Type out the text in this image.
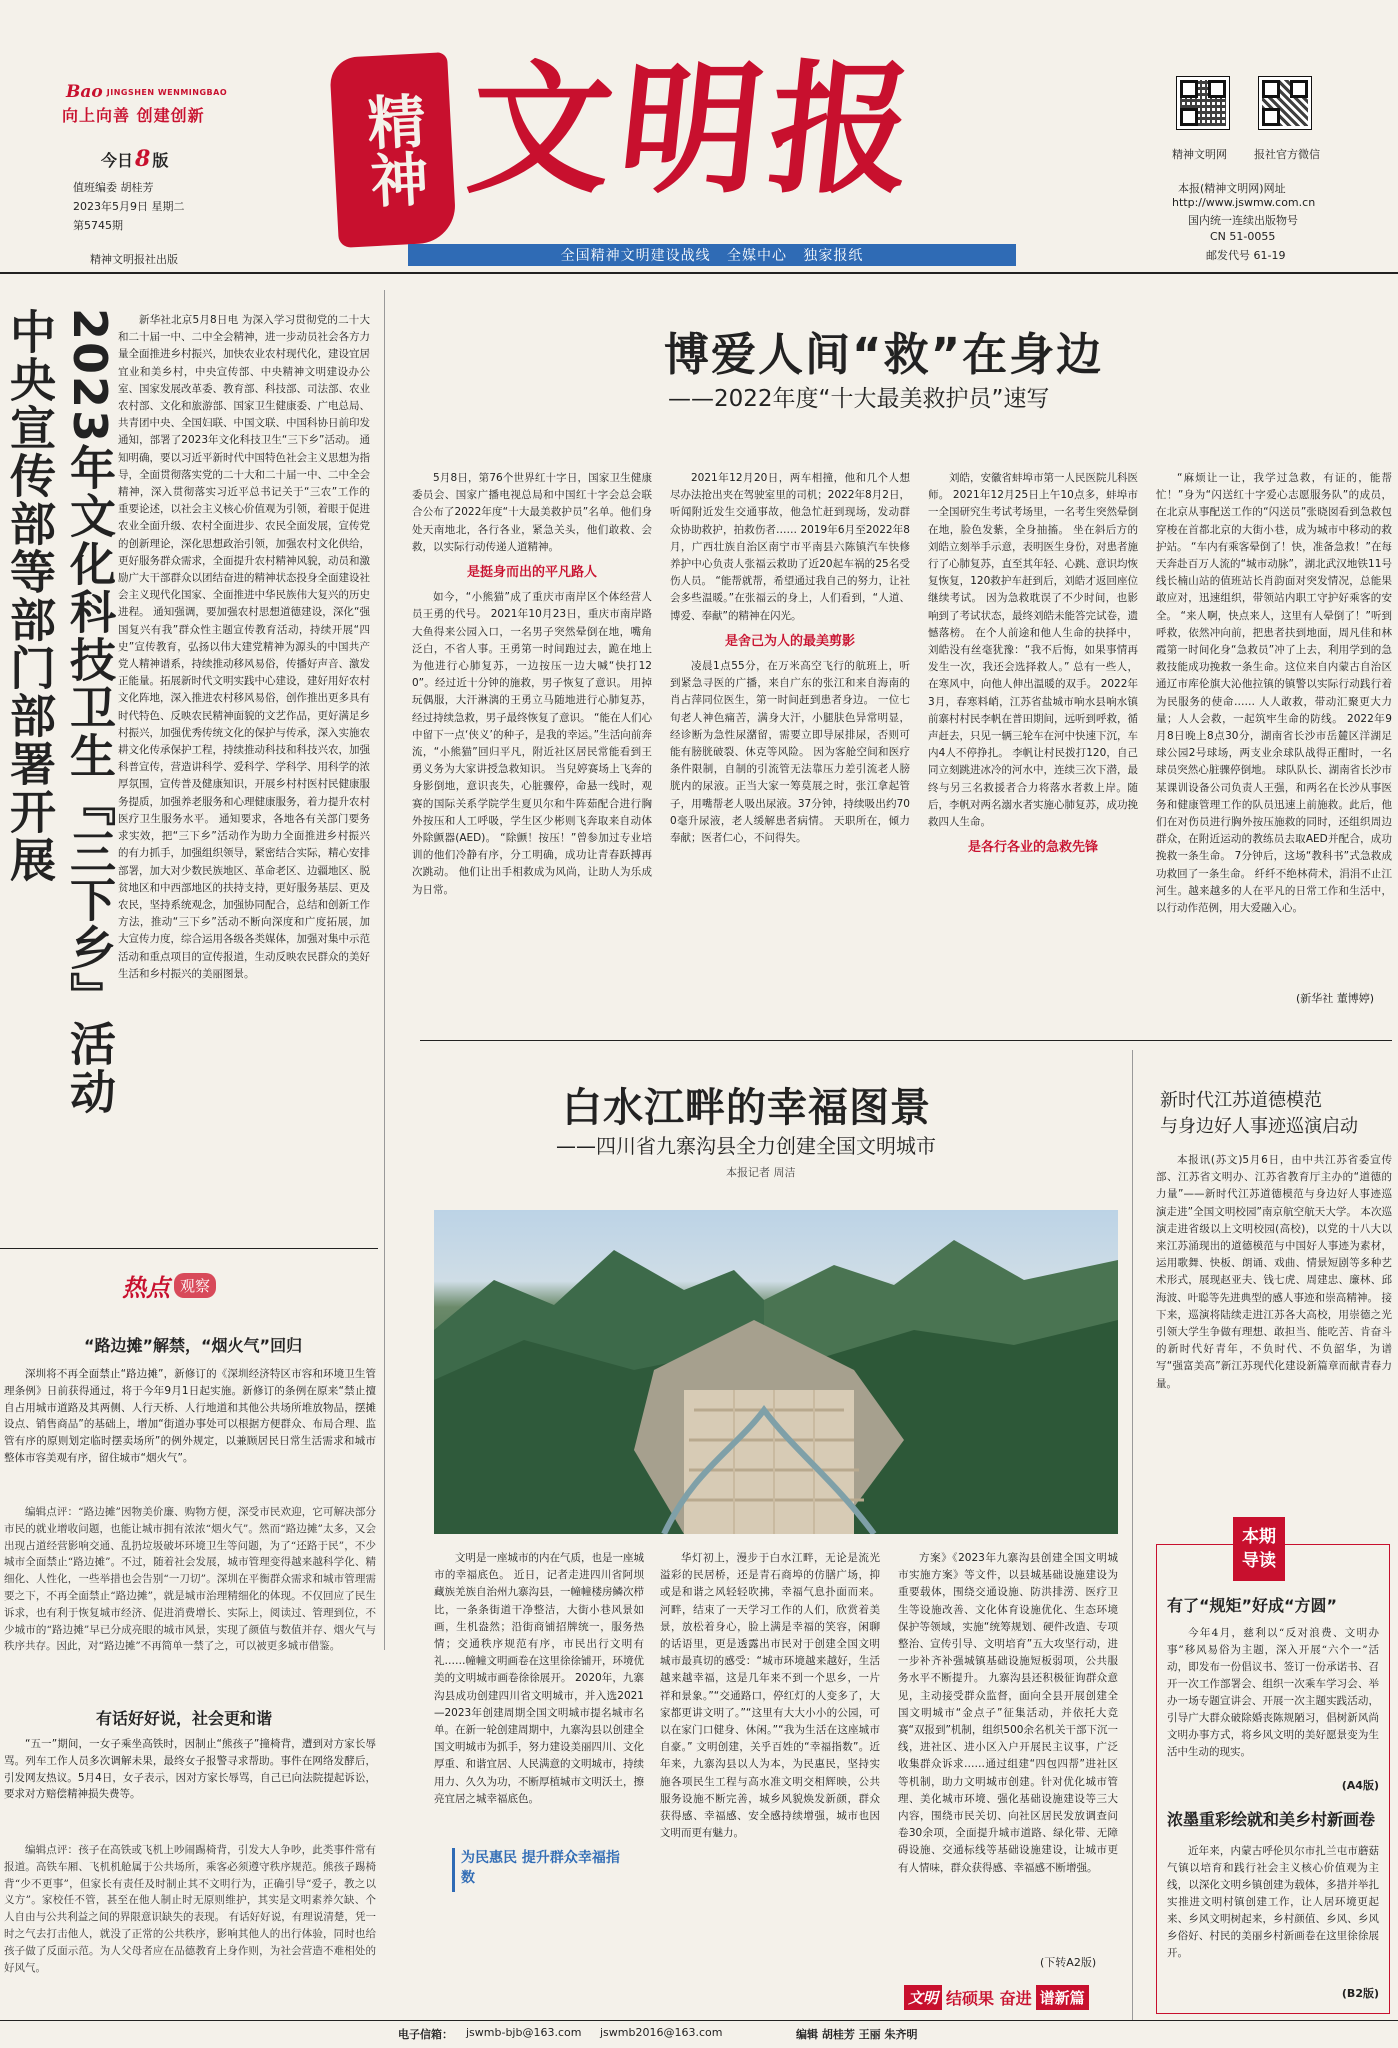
Bao JINGSHEN WENMINGBAO
向上向善 创建创新
今日8 版
值班编委 胡桂芳
2023年5月9日 星期二
第5745期
精神文明报社出版
精神 文明报
全国精神文明建设战线   全媒中心   独家报纸
精神文明网 报社官方微信
本报(精神文明网)网址
http://www.jswmw.com.cn
国内统一连续出版物号
CN 51-0055
邮发代号 61-19
2023年文化科技卫生『三下乡』活动
中央宣传部等部门部署开展	新华社北京5月8日电 为深入学习贯彻党的二十大和二十届一中、二中全会精神，进一步动员社会各方力量全面推进乡村振兴，加快农业农村现代化，建设宜居宜业和美乡村，中央宣传部、中央精神文明建设办公室、国家发展改革委、教育部、科技部、司法部、农业农村部、文化和旅游部、国家卫生健康委、广电总局、共青团中央、全国妇联、中国文联、中国科协日前印发通知，部署了2023年文化科技卫生“三下乡”活动。 通知明确，要以习近平新时代中国特色社会主义思想为指导，全面贯彻落实党的二十大和二十届一中、二中全会精神，深入贯彻落实习近平总书记关于“三农”工作的重要论述，以社会主义核心价值观为引领，着眼于促进农业全面升级、农村全面进步、农民全面发展，宣传党的创新理论，深化思想政治引领，加强农村文化供给，更好服务群众需求，全面提升农村精神风貌，动员和激励广大干部群众以团结奋进的精神状态投身全面建设社会主义现代化国家、全面推进中华民族伟大复兴的历史进程。 通知强调，要加强农村思想道德建设，深化“强国复兴有我”群众性主题宣传教育活动，持续开展“四史”宣传教育，弘扬以伟大建党精神为源头的中国共产党人精神谱系，持续推动移风易俗，传播好声音、激发正能量。拓展新时代文明实践中心建设，建好用好农村文化阵地，深入推进农村移风易俗，创作推出更多具有时代特色、反映农民精神面貌的文艺作品，更好满足乡村振兴，加强优秀传统文化的保护与传承，深入实施农耕文化传承保护工程，持续推动科技和科技兴农，加强科普宣传，营造讲科学、爱科学、学科学、用科学的浓厚氛围，宣传普及健康知识，开展乡村村医村民健康服务提质，加强养老服务和心理健康服务，着力提升农村医疗卫生服务水平。 通知要求，各地各有关部门要务求实效，把“三下乡”活动作为助力全面推进乡村振兴的有力抓手，加强组织领导，紧密结合实际，精心安排部署，加大对少数民族地区、革命老区、边疆地区、脱贫地区和中西部地区的扶持支持，更好服务基层、更及农民，坚持系统观念，加强协同配合，总结和创新工作方法，推动“三下乡”活动不断向深度和广度拓展，加大宣传力度，综合运用各级各类媒体，加强对集中示范活动和重点项目的宣传报道，生动反映农民群众的美好生活和乡村振兴的美丽图景。
热点 观察
“路边摊”解禁，“烟火气”回归
深圳将不再全面禁止“路边摊”，新修订的《深圳经济特区市容和环境卫生管理条例》日前获得通过，将于今年9月1日起实施。新修订的条例在原来“禁止擅自占用城市道路及其两侧、人行天桥、人行地道和其他公共场所堆放物品，摆摊设点、销售商品”的基础上，增加“街道办事处可以根据方便群众、布局合理、监管有序的原则划定临时摆卖场所”的例外规定，以兼顾居民日常生活需求和城市整体市容美观有序，留住城市“烟火气”。
编辑点评：“路边摊”因物美价廉、购物方便，深受市民欢迎，它可解决部分市民的就业增收问题，也能让城市拥有浓浓“烟火气”。然而“路边摊”太多，又会出现占道经营影响交通、乱扔垃圾破坏环境卫生等问题，为了“还路于民”，不少城市全面禁止“路边摊”。不过，随着社会发展，城市管理变得越来越科学化、精细化、人性化，一些举措也会告别“一刀切”。深圳在平衡群众需求和城市管理需要之下，不再全面禁止“路边摊”，就是城市治理精细化的体现。不仅回应了民生诉求，也有利于恢复城市经济、促进消费增长、实际上，阅读过、管理到位，不少城市的“路边摊”早已分成亮眼的城市风景，实现了颜值与数值并存、烟火气与秩序共存。因此，对“路边摊”不再简单一禁了之，可以被更多城市借鉴。
有话好好说，社会更和谐
“五一”期间，一女子乘坐高铁时，因制止“熊孩子”撞椅背，遭到对方家长辱骂。列车工作人员多次调解未果，最终女子报警寻求帮助。事件在网络发酵后，引发网友热议。5月4日，女子表示，因对方家长辱骂，自己已向法院提起诉讼，要求对方赔偿精神损失费等。
编辑点评：孩子在高铁或飞机上吵闹踢椅背，引发大人争吵，此类事件常有报道。高铁车厢、飞机机舱属于公共场所，乘客必须遵守秩序规范。熊孩子踢椅背“少不更事”，但家长有责任及时制止其不文明行为，正确引导“爱子，教之以义方”。家校任不管，甚至在他人制止时无原则维护，其实是文明素养欠缺、个人自由与公共利益之间的界限意识缺失的表现。 有话好好说，有理说清楚，凭一时之气去打击他人，就没了正常的公共秩序，影响其他人的出行体验，同时也给孩子做了反面示范。为人父母者应在品德教育上身作则，为社会营造不难相处的好风气。
博爱人间“救”在身边
——2022年度“十大最美救护员”速写

5月8日，第76个世界红十字日，国家卫生健康委员会、国家广播电视总局和中国红十字会总会联合公布了2022年度“十大最美救护员”名单。他们身处天南地北，各行各业，紧急关头，他们敢救、会救，以实际行动传递人道精神。

是挺身而出的平凡路人

如今，“小熊猫”成了重庆市南岸区个体经营人员王勇的代号。 2021年10月23日，重庆市南岸路大鱼得来公园入口，一名男子突然晕倒在地，嘴角泛白，不省人事。王勇第一时间跑过去，跪在地上为他进行心肺复苏，一边按压一边大喊“快打120”。经过近十分钟的施救，男子恢复了意识。 用掉玩偶服，大汗淋漓的王勇立马随地进行心肺复苏，经过持续急救，男子最终恢复了意识。 “能在人们心中留下一点‘侠义’的种子，是我的幸运。”生活向前奔流，“小熊猫”回归平凡，附近社区居民常能看到王勇义务为大家讲授急救知识。 当兒婷赛场上飞奔的身影倒地，意识丧失，心脏骤停，命悬一线时，观赛的国际关系学院学生夏贝尔和牛阵茹配合进行胸外按压和人工呼吸，学生区少彬则飞奔取来自动体外除颤器(AED)。 “除颤！按压！”曾参加过专业培训的他们冷静有序，分工明确，成功让青春跃搏再次跳动。 他们让出手相救成为风尚，让助人为乐成为日常。

2021年12月20日，两车相撞，他和几个人想尽办法抢出夹在驾驶室里的司机；2022年8月2日，听闻附近发生交通事故，他急忙赶到现场，发动群众协助救护，拍救伤者…… 2019年6月至2022年8月，广西壮族自治区南宁市平南县六陈镇汽车快修养护中心负责人张福云救助了近20起车祸的25名受伤人员。 “能帮就帮，希望通过我自己的努力，让社会多些温暖。”在张福云的身上，人们看到，“人道、博爱、奉献”的精神在闪光。

是舍己为人的最美剪影

凌晨1点55分，在万米高空飞行的航班上，听到紧急寻医的广播，来自广东的张江和来自海南的肖占萍同位医生，第一时间赶到患者身边。 一位七旬老人神色痛苦，满身大汗，小腿肤色异常明显，经诊断为急性尿潴留，需要立即导尿排尿，否则可能有膀胱破裂、休克等风险。 因为客舱空间和医疗条件限制，自制的引流管无法靠压力差引流老人膀胱内的尿液。正当大家一筹莫展之时，张江拿起管子，用嘴帮老人吸出尿液。37分钟，持续吸出约700毫升尿液，老人缓解患者病情。 天职所在，倾力奉献；医者仁心，不问得失。

刘皓，安徽省蚌埠市第一人民医院儿科医师。 2021年12月25日上午10点多，蚌埠市一全国研究生考试考场里，一名考生突然晕倒在地，脸色发紫，全身抽搐。 坐在斜后方的刘皓立刻举手示意，表明医生身份，对患者施行了心肺复苏，直至其年轻、心跳、意识均恢复恢复，120救护车赶到后，刘皓才返回座位继续考试。 因为急救耽误了不少时间，也影响到了考试状态，最终刘皓未能答完试卷，遗憾落榜。 在个人前途和他人生命的抉择中，刘皓没有丝毫犹豫：“我不后悔，如果事情再发生一次，我还会选择救人。” 总有一些人，在寒风中，向他人伸出温暖的双手。 2022年3月，春寒料峭，江苏省盐城市响水县响水镇前寨村村民李帆在普田期间，远听到呼救，循声赶去，只见一辆三轮车在河中快速下沉，车内4人不停挣扎。 李帆让村民拨打120，自己同立刻跳进冰冷的河水中，连续三次下潜，最终与另三名救援者合力将落水者救上岸。随后，李帆对两名溺水者实施心肺复苏，成功挽救四人生命。

是各行各业的急救先锋

“麻烦让一让，我学过急救，有证的，能帮忙！”身为“闪送红十字爱心志愿服务队”的成员，在北京从事配送工作的“闪送员”张晓囡看到急救包穿梭在首都北京的大街小巷，成为城市中移动的救护站。 “车内有乘客晕倒了！快，准备急救！”在每天奔赴百万人流的“城市动脉”，湖北武汉地铁11号线长楠山站的值班站长肖韵面对突发情况，总能果敢应对，迅速组织，带领站内职工守护好乘客的安全。 “来人啊，快点来人，这里有人晕倒了！”听到呼救，依然冲向前，把患者扶到地面，周凡佳和林霞第一时间化身“急救员”冲了上去，利用学到的急救技能成功挽救一条生命。这位来自内蒙古自治区通辽市库伦旗大沁他拉镇的镇警以实际行动践行着为民服务的使命…… 人人敢救，带动汇聚更大力量；人人会救，一起筑牢生命的防线。 2022年9月8日晚上8点30分，湖南省长沙市岳麓区洋湖足球公园2号球场，两支业余球队战得正酣时，一名球员突然心脏骤停倒地。 球队队长、湖南省长沙市某课训设备公司负责人王强，和两名在长沙从事医务和健康管理工作的队员迅速上前施救。此后，他们在对伤员进行胸外按压施救的同时，还组织周边群众，在附近运动的教练员去取AED并配合，成功挽救一条生命。 7分钟后，这场“教科书”式急救成功救回了一条生命。 纤纤不绝林荷术，涓涓不止江河生。越来越多的人在平凡的日常工作和生活中，以行动作范例，用大爱融入心。

(新华社 董博婷)
白水江畔的幸福图景
——四川省九寨沟县全力创建全国文明城市
本报记者 周洁

文明是一座城市的内在气质，也是一座城市的幸福底色。 近日，记者走进四川省阿坝藏族羌族自治州九寨沟县，一幢幢楼房鳞次栉比，一条条街道干净整洁，大街小巷风景如画，生机盎然；沿街商铺招牌统一，服务热情；交通秩序规范有序，市民出行文明有礼……幢幢文明画卷在这里徐徐铺开，环境优美的文明城市画卷徐徐展开。 2020年，九寨沟县成功创建四川省文明城市，并入选2021—2023年创建周期全国文明城市提名城市名单。在新一轮创建周期中，九寨沟县以创建全国文明城市为抓手，努力建设美丽四川、文化厚重、和谐宜居、人民满意的文明城市，持续用力、久久为功，不断厚植城市文明沃土，擦亮宜居之城幸福底色。

为民惠民 提升群众幸福指数

华灯初上，漫步于白水江畔，无论是流光溢彩的民居桥，还是青石商埠的仿膳广场，抑或是和谐之风轻轻吹拂，幸福气息扑面而来。 河畔，结束了一天学习工作的人们，欣赏着美景，放松着身心，脸上满是幸福的笑容，闲聊的话语里，更是透露出市民对于创建全国文明城市最真切的感受：“城市环境越来越好，生活越来越幸福，这是几年来不到一个思乡，一片祥和景象。”“交通路口，停红灯的人变多了，大家都更讲文明了。”“这里有大大小小的公园，可以在家门口健身、休闲。”“我为生活在这座城市自豪。” 文明创建，关乎百姓的“幸福指数”。近年来，九寨沟县以人为本，为民惠民，坚持实施各项民生工程与高水准文明交相辉映，公共服务设施不断完善，城乡风貌焕发新颜，群众获得感、幸福感、安全感持续增强，城市也因文明而更有魅力。

方案》《2023年九寨沟县创建全国文明城市实施方案》等文件，以县城基础设施建设为重要载体，围绕交通设施、防洪排涝、医疗卫生等设施改善、文化体育设施优化、生态环境保护等领域，实施“统筹规划、硬件改造、专项整治、宣传引导、文明培育”五大攻坚行动，进一步补齐补强城镇基础设施短板弱项，公共服务水平不断提升。 九寨沟县还积极征询群众意见，主动接受群众监督，面向全县开展创建全国文明城市“金点子”征集活动，并依托大竞赛“双报到”机制，组织500余名机关干部下沉一线，进社区、进小区入户开展民主议事，广泛收集群众诉求……通过组建“四包四帮”进社区等机制，助力文明城市创建。针对优化城市管理、美化城市环境、强化基础设施建设等三大内容，围绕市民关切、向社区居民发放调查问卷30余项，全面提升城市道路、绿化带、无障碍设施、交通标线等基础设施建设，让城市更有人情味，群众获得感、幸福感不断增强。

(下转A2版)
文明 结硕果 奋进 谱新篇
新时代江苏道德模范
与身边好人事迹巡演启动
本报讯(苏文)5月6日，由中共江苏省委宣传部、江苏省文明办、江苏省教育厅主办的“道德的力量”——新时代江苏道德模范与身边好人事迹巡演走进”全国文明校园”南京航空航天大学。 本次巡演走进省级以上文明校园(高校)，以党的十八大以来江苏涌现出的道德模范与中国好人事迹为素材，运用歌舞、快板、朗诵、戏曲、情景短剧等多种艺术形式，展现赵亚夫、钱七虎、周建忠、廉林、邱海波、叶聪等先进典型的感人事迹和崇高精神。 接下来，巡演将陆续走进江苏各大高校，用崇德之光引领大学生争做有理想、敢担当、能吃苦、肯奋斗的新时代好青年，不负时代、不负韶华，为谱写“强富美高”新江苏现代化建设新篇章而献青春力量。
本期
导读
有了“规矩”好成“方圆”
今年4月，慈利以“反对浪费、文明办事”移风易俗为主题，深入开展“六个一”活动，即发布一份倡议书、签订一份承诺书、召开一次工作部署会、组织一次乘车学习会、举办一场专题宣讲会、开展一次主题实践活动，引导广大群众破除婚丧陈规陋习，倡树新风尚文明办事方式，将乡风文明的美好愿景变为生活中生动的现实。
(A4版)
浓墨重彩绘就和美乡村新画卷
近年来，内蒙古呼伦贝尔市扎兰屯市蘑菇气镇以培育和践行社会主义核心价值观为主线，以深化文明乡镇创建为载体，多措并举扎实推进文明村镇创建工作，让人居环境更起来、乡风文明树起来，乡村颜值、乡风、乡风乡俗好、村民的美丽乡村新画卷在这里徐徐展开。
(B2版)
电子信箱： jswmb-bjb@163.com jswmb2016@163.com	编辑 胡桂芳 王丽 朱齐明
